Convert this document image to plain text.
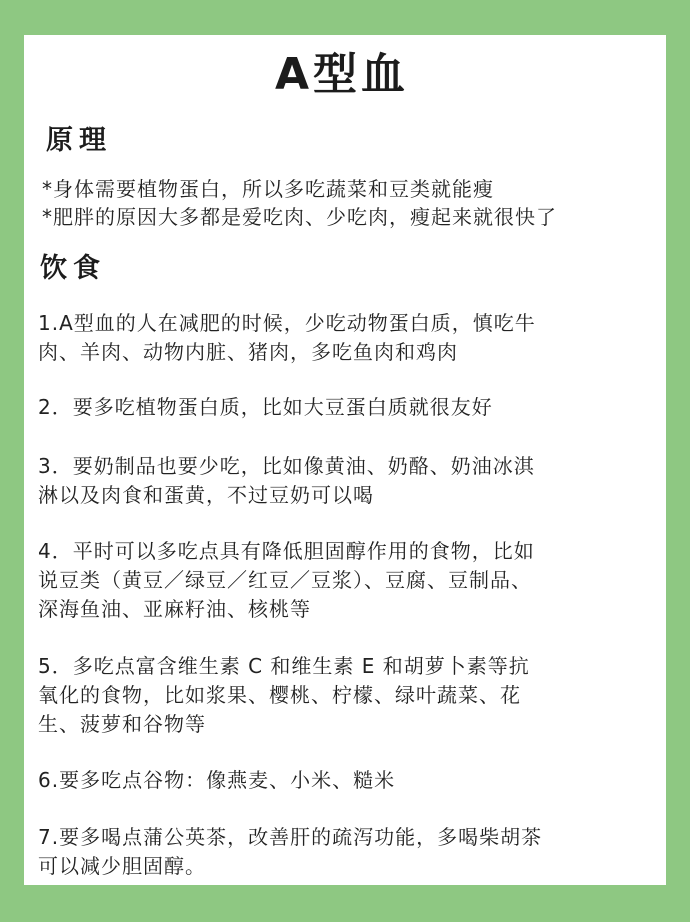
A型血
原理
*身体需要植物蛋白，所以多吃蔬菜和豆类就能瘦
*肥胖的原因大多都是爱吃肉、少吃肉，瘦起来就很快了
饮食
1.A型血的人在减肥的时候，少吃动物蛋白质，慎吃牛
肉、羊肉、动物内脏、猪肉，多吃鱼肉和鸡肉
2．要多吃植物蛋白质，比如大豆蛋白质就很友好
3．要奶制品也要少吃，比如像黄油、奶酪、奶油冰淇
淋以及肉食和蛋黄，不过豆奶可以喝
4．平时可以多吃点具有降低胆固醇作用的食物，比如
说豆类（黄豆／绿豆／红豆／豆浆）、豆腐、豆制品、
深海鱼油、亚麻籽油、核桃等
5．多吃点富含维生素 C 和维生素 E 和胡萝卜素等抗
氧化的食物，比如浆果、樱桃、柠檬、绿叶蔬菜、花
生、菠萝和谷物等
6.要多吃点谷物：像燕麦、小米、糙米
7.要多喝点蒲公英茶，改善肝的疏泻功能，多喝柴胡茶
可以减少胆固醇。
